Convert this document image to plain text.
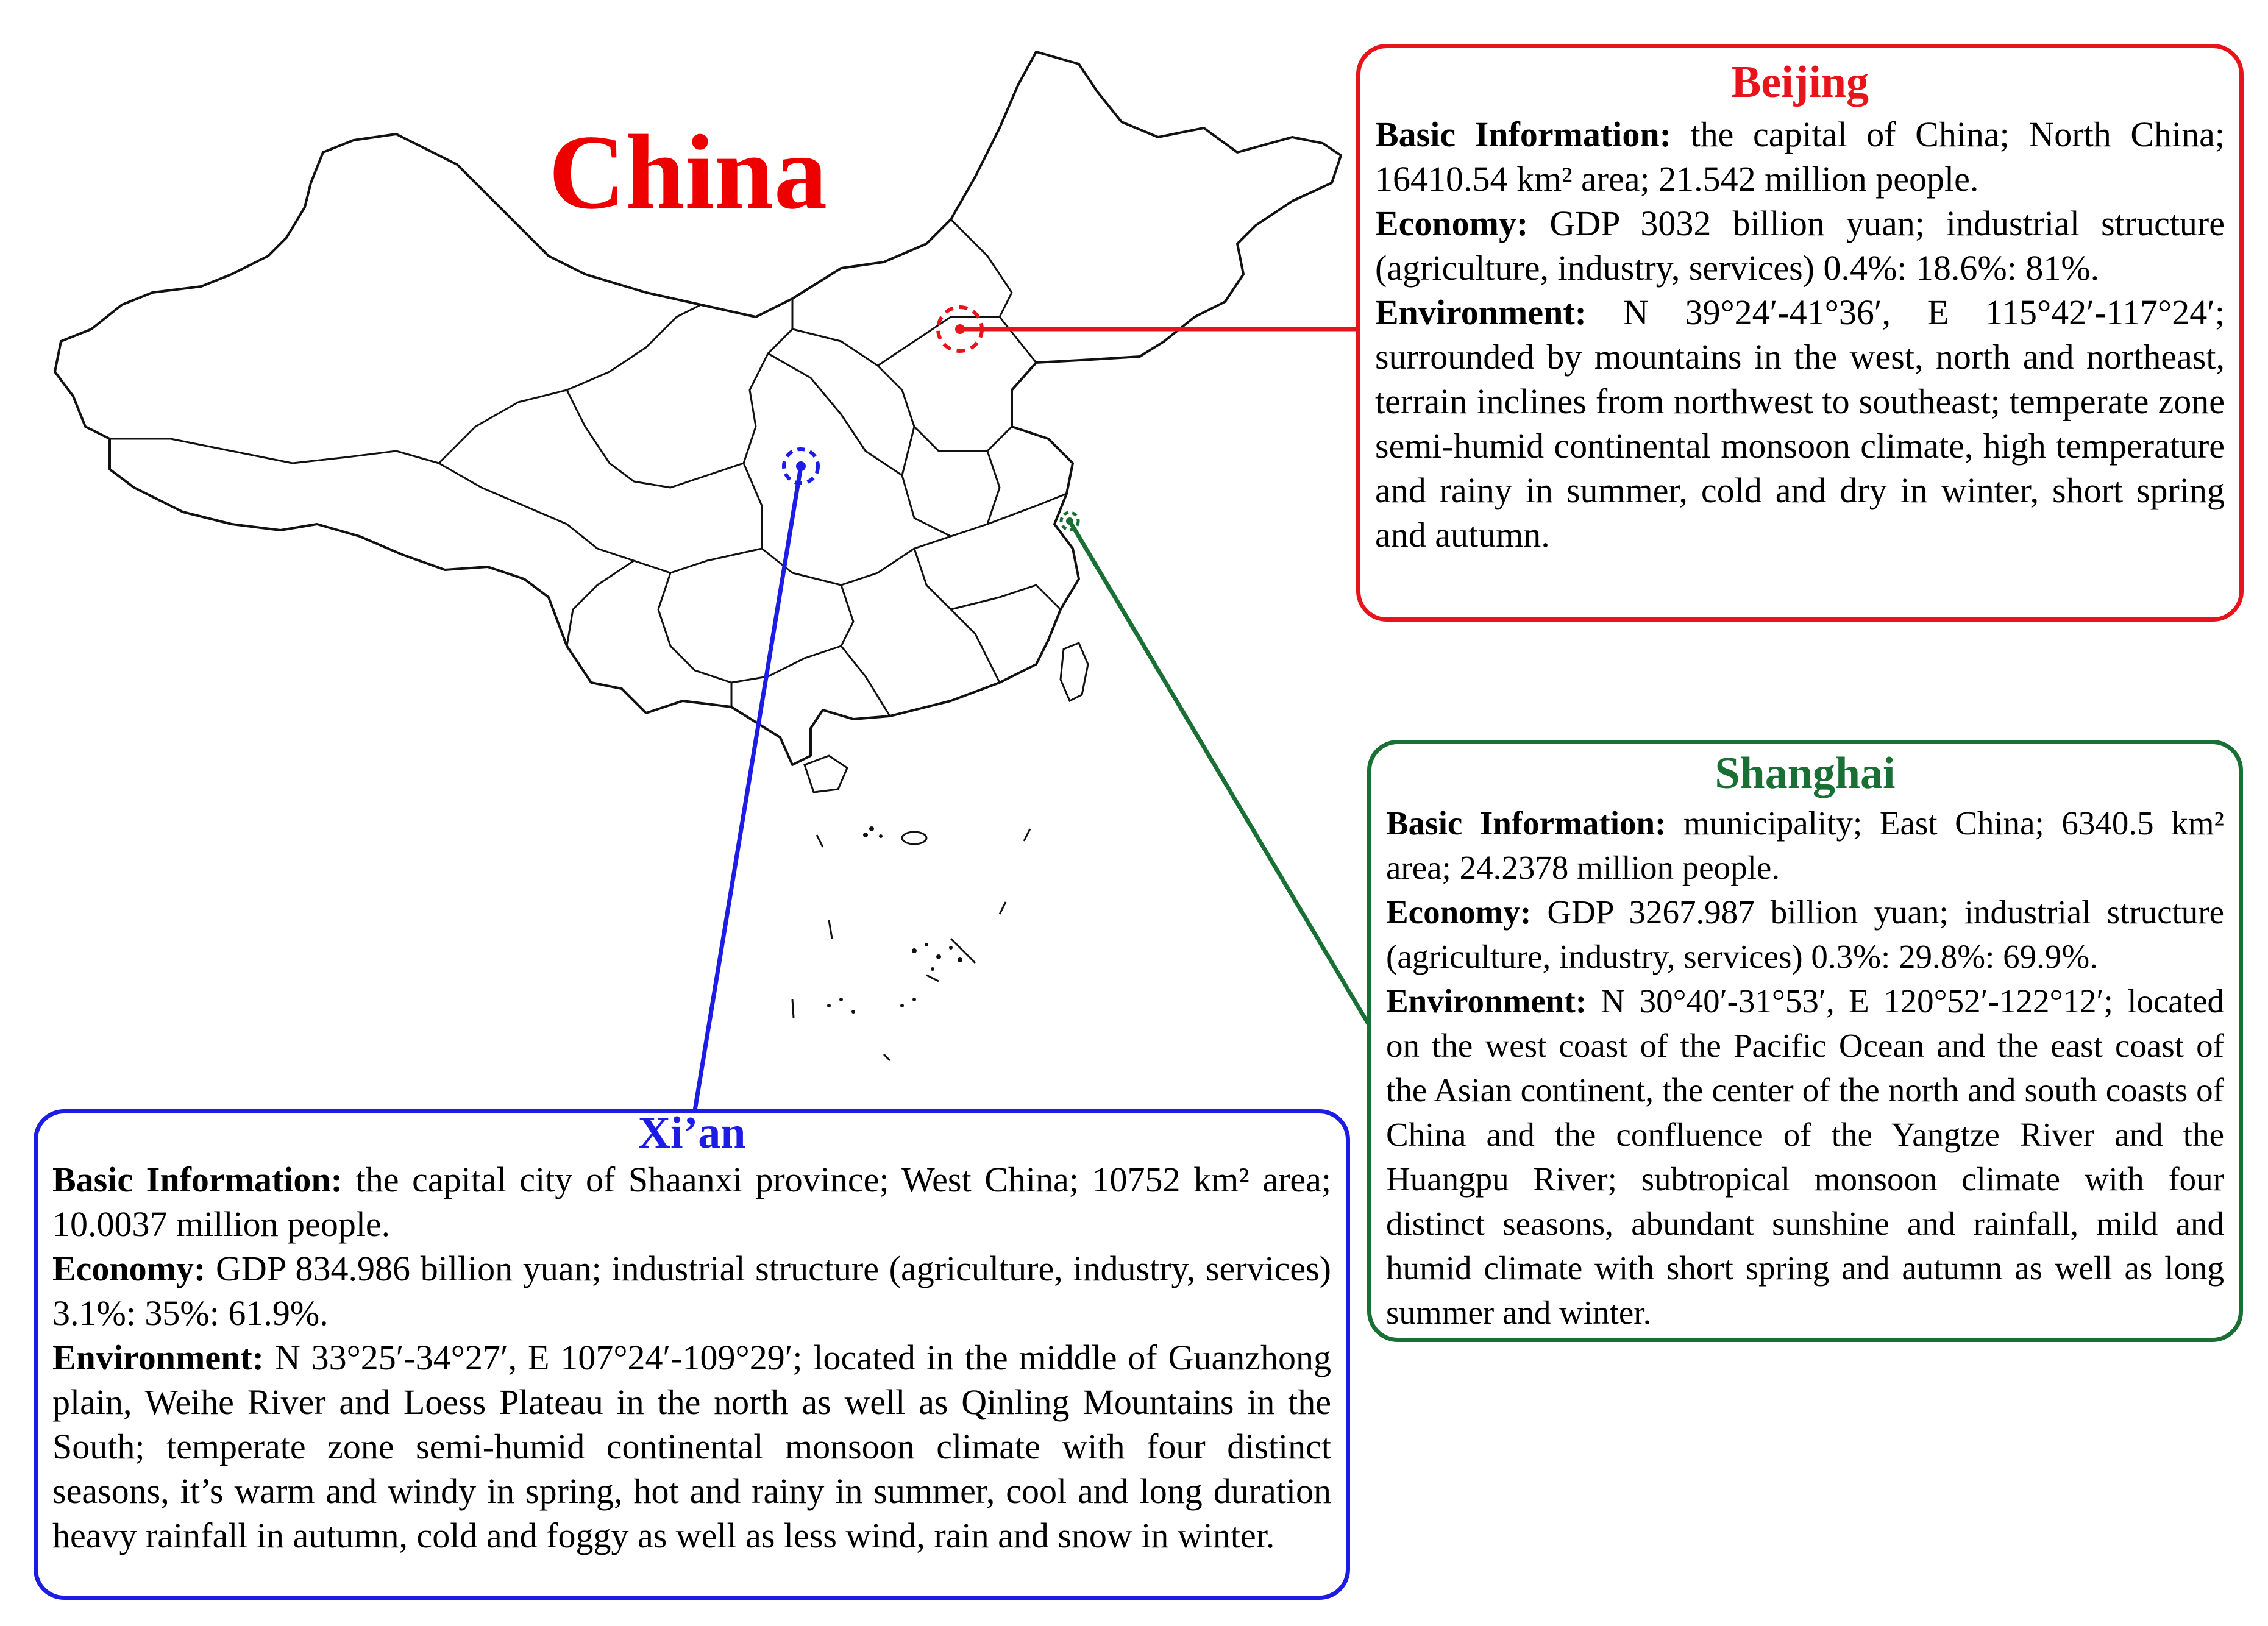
China
Beijing

Basic Information: the capital of China; North China; 16410.54 km² area; 21.542 million people.

Economy: GDP 3032 billion yuan; industrial structure (agriculture, industry, services) 0.4%: 18.6%: 81%.

Environment: N 39°24′-41°36′, E 115°42′-117°24′; surrounded by mountains in the west, north and northeast, terrain inclines from northwest to southeast; temperate zone semi-humid continental monsoon climate, high temperature and rainy in summer, cold and dry in winter, short spring and autumn.

Shanghai

Basic Information: municipality; East China; 6340.5 km² area; 24.2378 million people.

Economy: GDP 3267.987 billion yuan; industrial structure (agriculture, industry, services) 0.3%: 29.8%: 69.9%.

Environment: N 30°40′-31°53′, E 120°52′-122°12′; located on the west coast of the Pacific Ocean and the east coast of the Asian continent, the center of the north and south coasts of China and the confluence of the Yangtze River and the Huangpu River; subtropical monsoon climate with four distinct seasons, abundant sunshine and rainfall, mild and humid climate with short spring and autumn as well as long summer and winter.

Xi’an

Basic Information: the capital city of Shaanxi province; West China; 10752 km² area; 10.0037 million people.

Economy: GDP 834.986 billion yuan; industrial structure (agriculture, industry, services) 3.1%: 35%: 61.9%.

Environment: N 33°25′-34°27′, E 107°24′-109°29′; located in the middle of Guanzhong plain, Weihe River and Loess Plateau in the north as well as Qinling Mountains in the South; temperate zone semi-humid continental monsoon climate with four distinct seasons, it’s warm and windy in spring, hot and rainy in summer, cool and long duration heavy rainfall in autumn, cold and foggy as well as less wind, rain and snow in winter.
